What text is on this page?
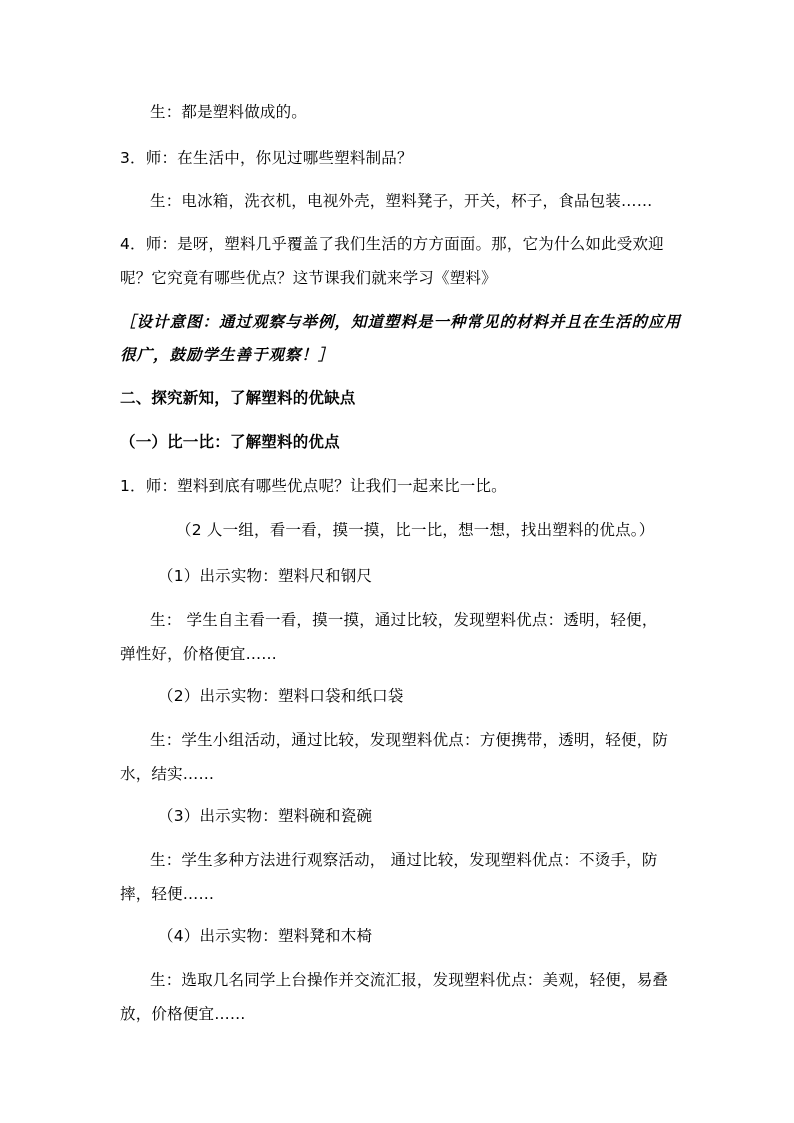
生：都是塑料做成的。
3．师：在生活中，你见过哪些塑料制品？
生：电冰箱，洗衣机，电视外壳，塑料凳子，开关，杯子，食品包装……
4．师：是呀，塑料几乎覆盖了我们生活的方方面面。那，它为什么如此受欢迎
呢？它究竟有哪些优点？这节课我们就来学习《塑料》
［设计意图：通过观察与举例，知道塑料是一种常见的材料并且在生活的应用
很广，鼓励学生善于观察！］
二、探究新知，了解塑料的优缺点
（一）比一比：了解塑料的优点
1．师：塑料到底有哪些优点呢？让我们一起来比一比。
（2 人一组，看一看，摸一摸，比一比，想一想，找出塑料的优点。）
（1）出示实物：塑料尺和钢尺
生： 学生自主看一看，摸一摸，通过比较，发现塑料优点：透明，轻便，
弹性好，价格便宜……
（2）出示实物：塑料口袋和纸口袋
生：学生小组活动，通过比较，发现塑料优点：方便携带，透明，轻便，防
水，结实……
（3）出示实物：塑料碗和瓷碗
生：学生多种方法进行观察活动， 通过比较，发现塑料优点：不烫手，防
摔，轻便……
（4）出示实物：塑料凳和木椅
生：选取几名同学上台操作并交流汇报，发现塑料优点：美观，轻便，易叠
放，价格便宜……
